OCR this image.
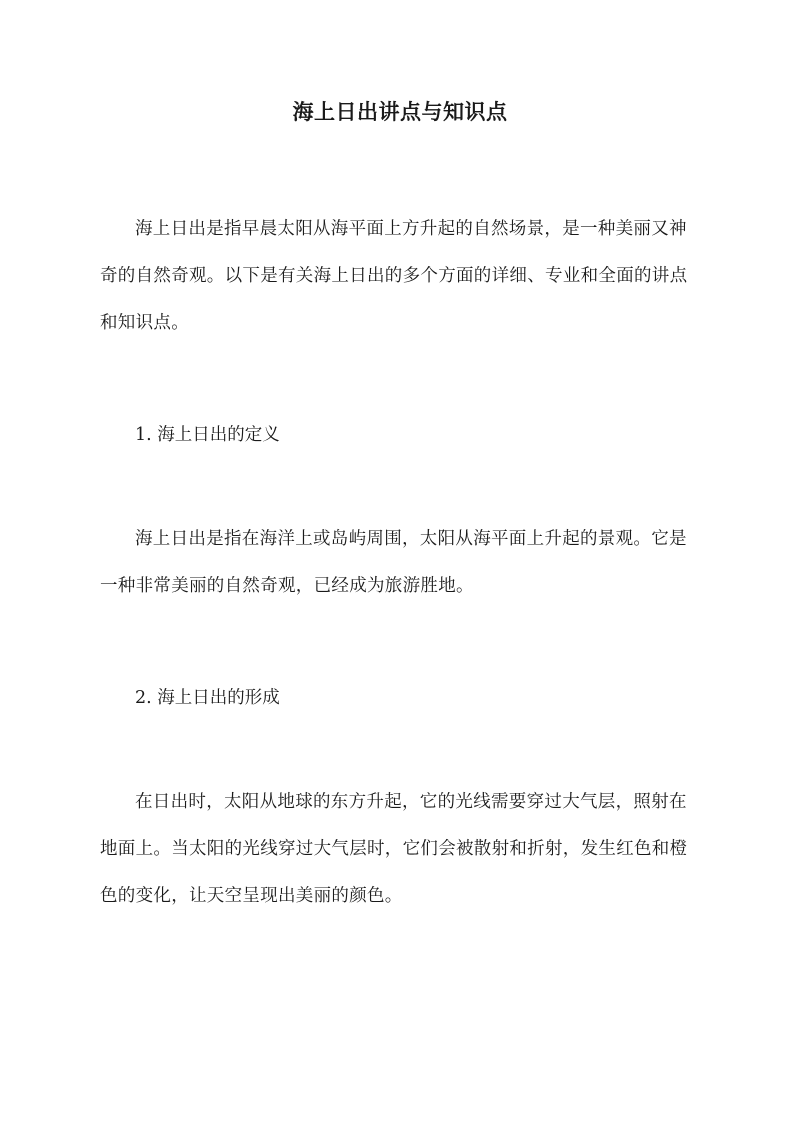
海上日出讲点与知识点

海上日出是指早晨太阳从海平面上方升起的自然场景，是一种美丽又神奇的自然奇观。以下是有关海上日出的多个方面的详细、专业和全面的讲点和知识点。

1. 海上日出的定义

海上日出是指在海洋上或岛屿周围，太阳从海平面上升起的景观。它是一种非常美丽的自然奇观，已经成为旅游胜地。

2. 海上日出的形成

在日出时，太阳从地球的东方升起，它的光线需要穿过大气层，照射在地面上。当太阳的光线穿过大气层时，它们会被散射和折射，发生红色和橙色的变化，让天空呈现出美丽的颜色。
